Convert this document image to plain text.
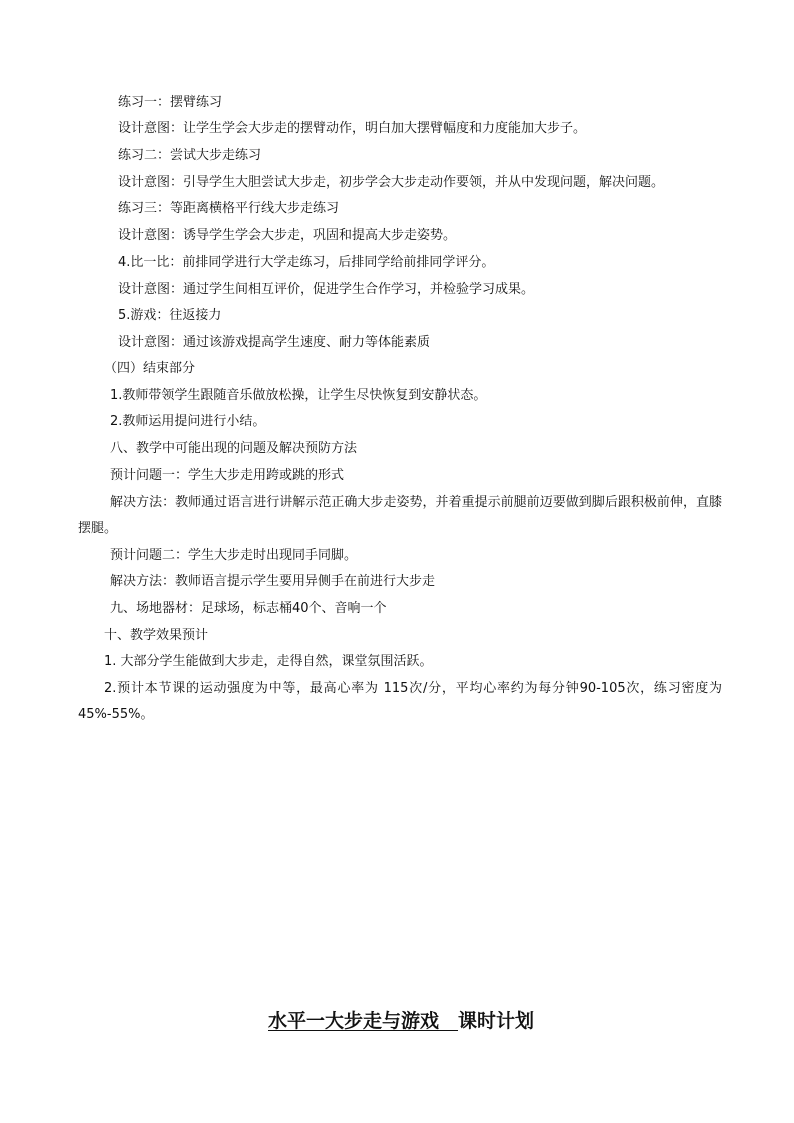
练习一：摆臂练习
设计意图：让学生学会大步走的摆臂动作，明白加大摆臂幅度和力度能加大步子。
练习二：尝试大步走练习
设计意图：引导学生大胆尝试大步走，初步学会大步走动作要领，并从中发现问题，解决问题。
练习三：等距离横格平行线大步走练习
设计意图：诱导学生学会大步走，巩固和提高大步走姿势。
4.比一比：前排同学进行大学走练习，后排同学给前排同学评分。
设计意图：通过学生间相互评价，促进学生合作学习，并检验学习成果。
5.游戏：往返接力
设计意图：通过该游戏提高学生速度、耐力等体能素质
（四）结束部分
1.教师带领学生跟随音乐做放松操，让学生尽快恢复到安静状态。
2.教师运用提问进行小结。
八、教学中可能出现的问题及解决预防方法
预计问题一：学生大步走用跨或跳的形式
解决方法：教师通过语言进行讲解示范正确大步走姿势，并着重提示前腿前迈要做到脚后跟积极前伸，直膝摆腿。
预计问题二：学生大步走时出现同手同脚。
解决方法：教师语言提示学生要用异侧手在前进行大步走
九、场地器材：足球场，标志桶40个、音响一个
十、教学效果预计
1. 大部分学生能做到大步走，走得自然，课堂氛围活跃。
2.预计本节课的运动强度为中等，最高心率为 115次/分，平均心率约为每分钟90-105次，练习密度为45%-55%。
水平一大步走与游戏  课时计划
